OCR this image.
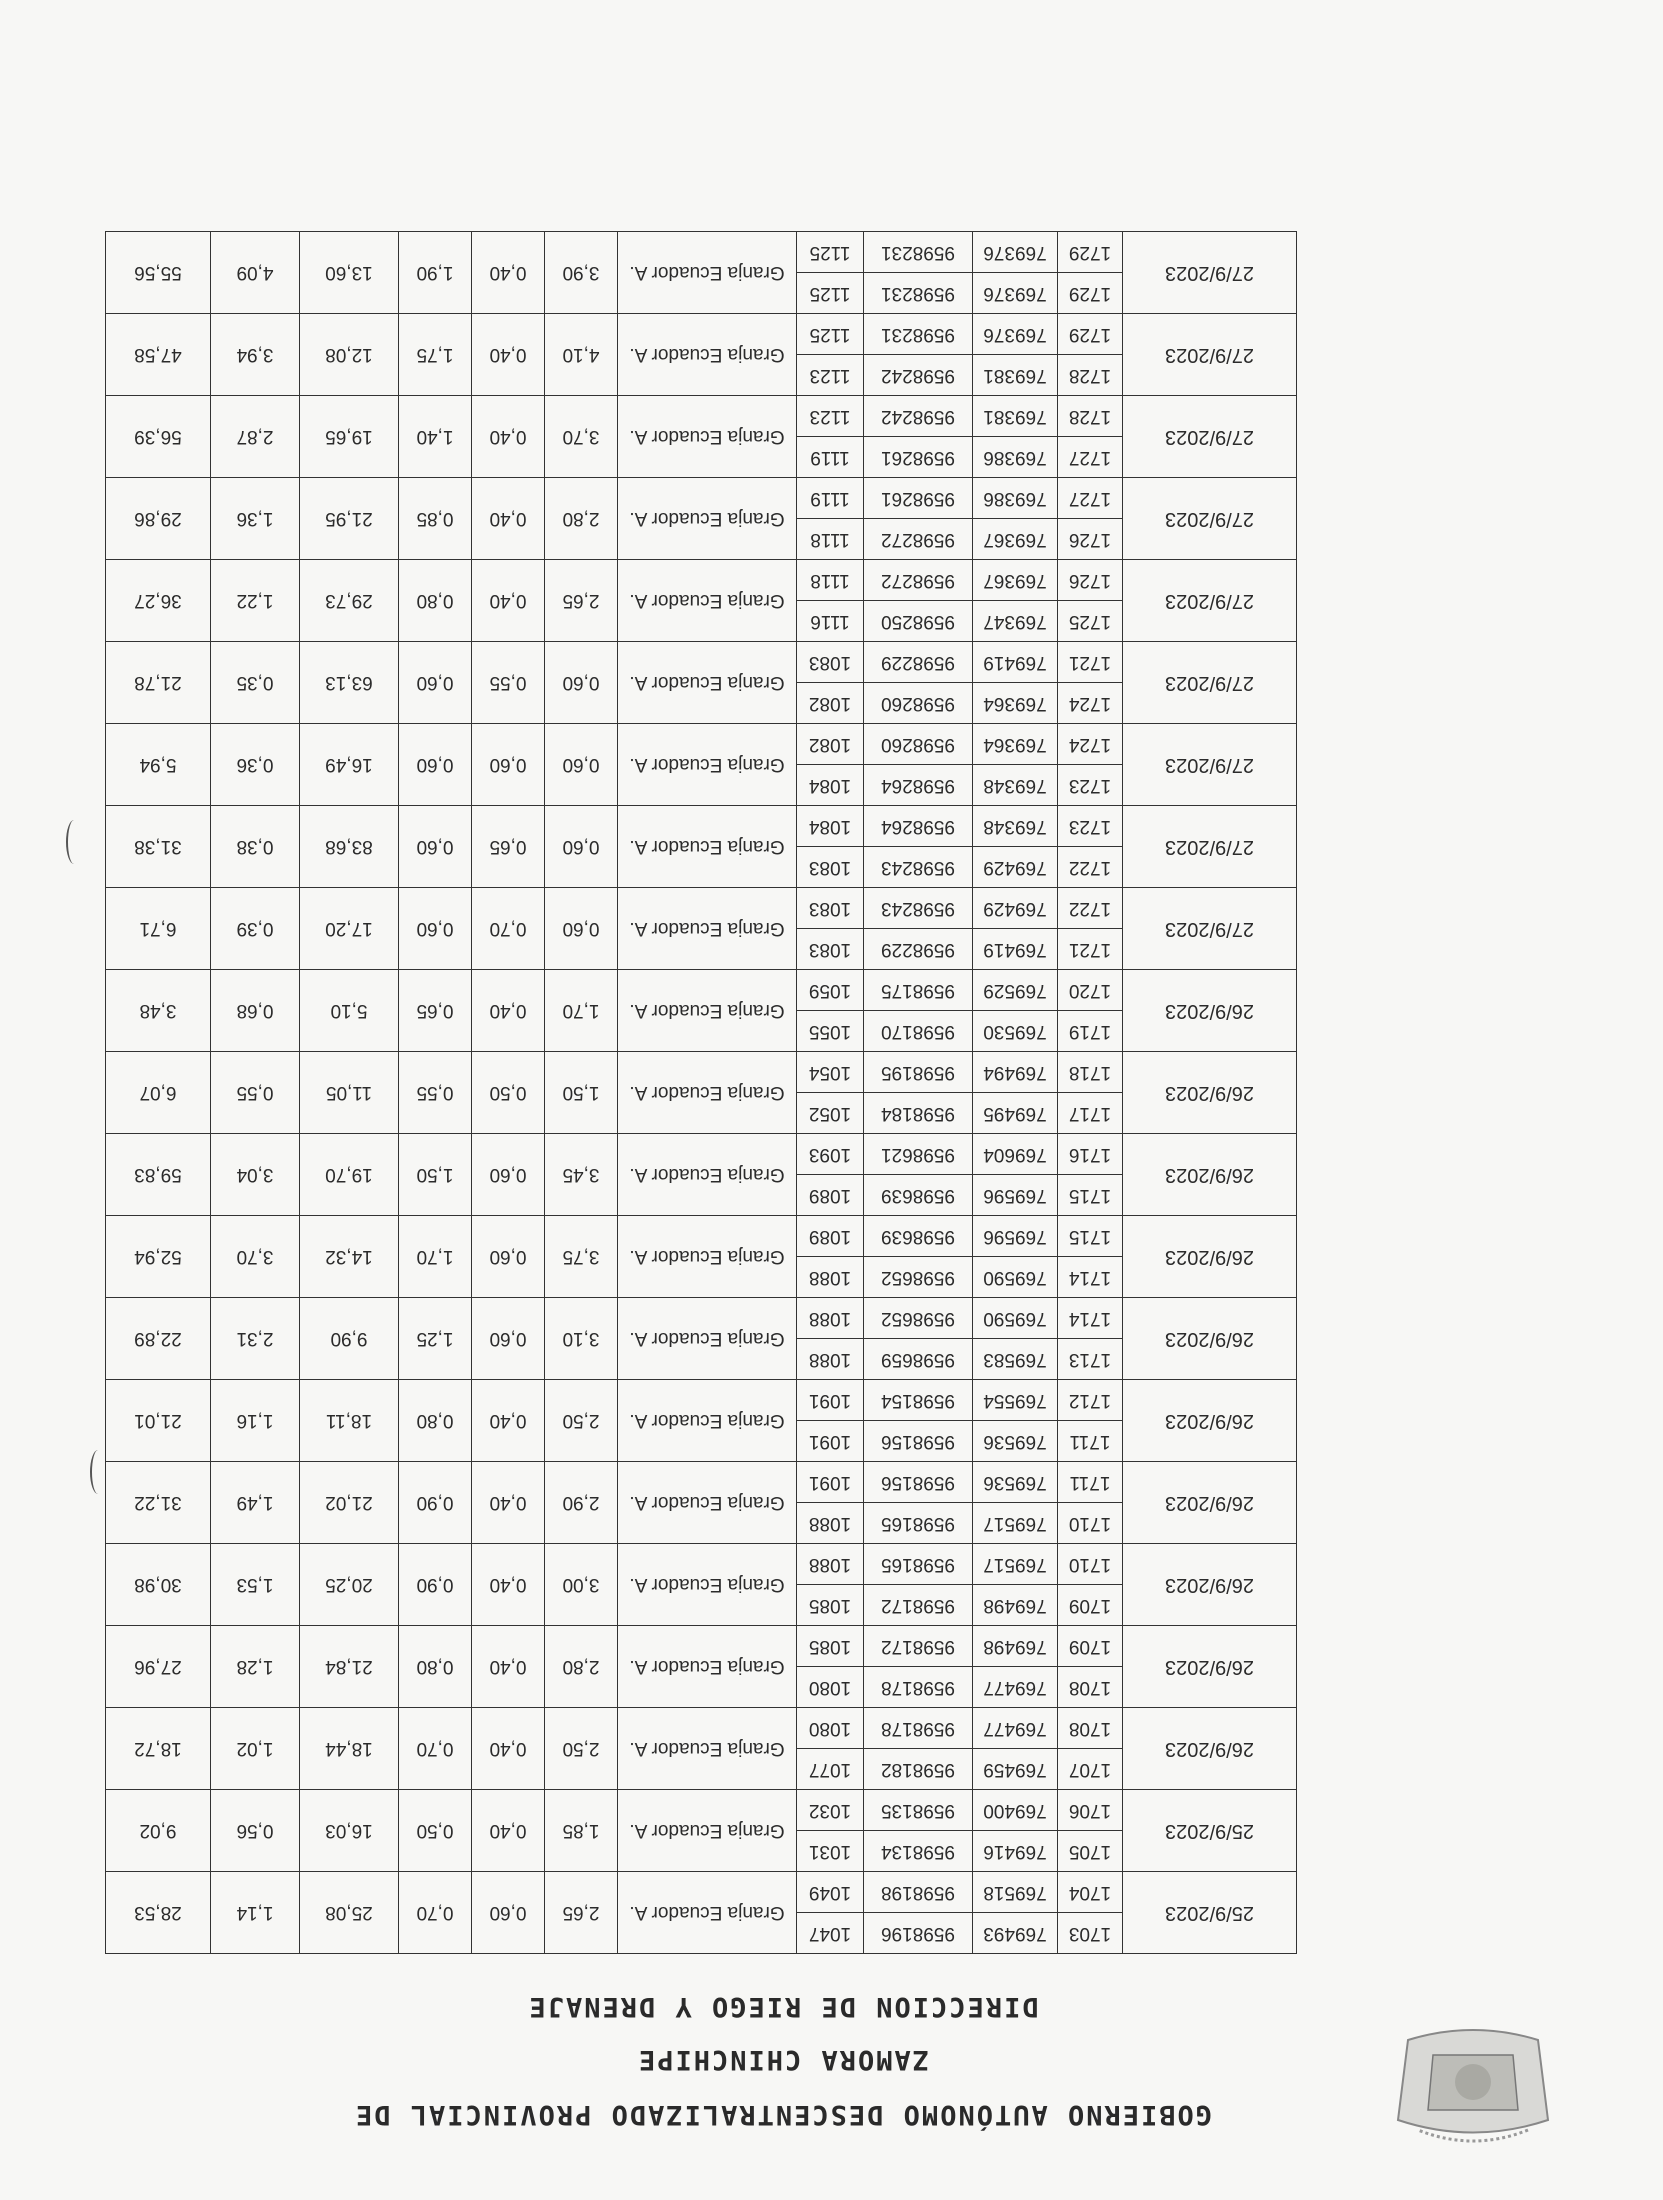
GOBIERNO AUTÓNOMO DESCENTRALIZADO PROVINCIAL DE
ZAMORA CHINCHIPE
DIRECCION DE RIEGO Y DRENAJE
25/9/2023	1703	769493	9598196	1047	Granja Ecuador A.	2,65	0,60	0,70	25,08	1,14	28,53
	1704	769518	9598198	1049							
25/9/2023	1705	769416	9598134	1031	Granja Ecuador A.	1,85	0,40	0,50	16,03	0,56	9,02
	1706	769400	9598135	1032							
26/9/2023	1707	769459	9598182	1077	Granja Ecuador A.	2,50	0,40	0,70	18,44	1,02	18,72
	1708	769477	9598178	1080							
26/9/2023	1708	769477	9598178	1080	Granja Ecuador A.	2,80	0,40	0,80	21,84	1,28	27,96
	1709	769498	9598172	1085							
26/9/2023	1709	769498	9598172	1085	Granja Ecuador A.	3,00	0,40	0,90	20,25	1,53	30,98
	1710	769517	9598165	1088							
26/9/2023	1710	769517	9598165	1088	Granja Ecuador A.	2,90	0,40	0,90	21,02	1,49	31,22
	1711	769536	9598156	1091							
26/9/2023	1711	769536	9598156	1091	Granja Ecuador A.	2,50	0,40	0,80	18,11	1,16	21,01
	1712	769554	9598154	1091							
26/9/2023	1713	769583	9598659	1088	Granja Ecuador A.	3,10	0,60	1,25	9,90	2,31	22,89
	1714	769590	9598652	1088							
26/9/2023	1714	769590	9598652	1088	Granja Ecuador A.	3,75	0,60	1,70	14,32	3,70	52,94
	1715	769596	9598639	1089							
26/9/2023	1715	769596	9598639	1089	Granja Ecuador A.	3,45	0,60	1,50	19,70	3,04	59,83
	1716	769604	9598621	1093							
26/9/2023	1717	769495	9598184	1052	Granja Ecuador A.	1,50	0,50	0,55	11,05	0,55	6,07
	1718	769494	9598195	1054							
26/9/2023	1719	769530	9598170	1055	Granja Ecuador A.	1,70	0,40	0,65	5,10	0,68	3,48
	1720	769529	9598175	1059							
27/9/2023	1721	769419	9598229	1083	Granja Ecuador A.	0,60	0,70	0,60	17,20	0,39	6,71
	1722	769429	9598243	1083							
27/9/2023	1722	769429	9598243	1083	Granja Ecuador A.	0,60	0,65	0,60	83,68	0,38	31,38
	1723	769348	9598264	1084							
27/9/2023	1723	769348	9598264	1084	Granja Ecuador A.	0,60	0,60	0,60	16,49	0,36	5,94
	1724	769364	9598260	1082							
27/9/2023	1724	769364	9598260	1082	Granja Ecuador A.	0,60	0,55	0,60	63,13	0,35	21,78
	1721	769419	9598229	1083							
27/9/2023	1725	769347	9598250	1116	Granja Ecuador A.	2,65	0,40	0,80	29,73	1,22	36,27
	1726	769367	9598272	1118							
27/9/2023	1726	769367	9598272	1118	Granja Ecuador A.	2,80	0,40	0,85	21,95	1,36	29,86
	1727	769386	9598261	1119							
27/9/2023	1727	769386	9598261	1119	Granja Ecuador A.	3,70	0,40	1,40	19,65	2,87	56,39
	1728	769381	9598242	1123							
27/9/2023	1728	769381	9598242	1123	Granja Ecuador A.	4,10	0,40	1,75	12,08	3,94	47,58
	1729	769376	9598231	1125							
27/9/2023	1729	769376	9598231	1125	Granja Ecuador A.	3,90	0,40	1,90	13,60	4,09	55,56
	1729	769376	9598231	1125							
